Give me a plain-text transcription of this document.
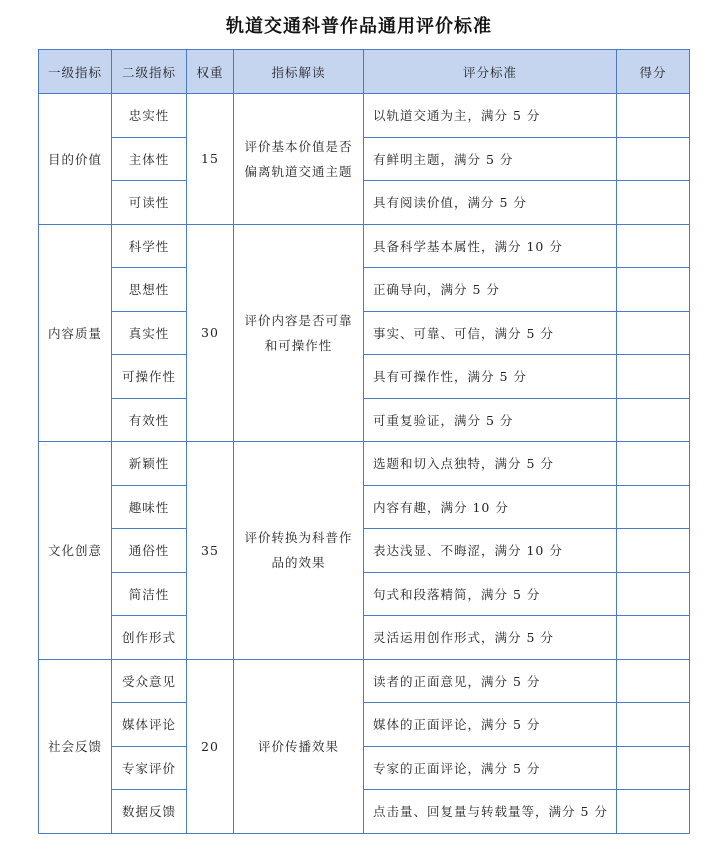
轨道交通科普作品通用评价标准
一级指标	二级指标	权重	指标解读	评分标准	得分
目的价值	忠实性	15	评价基本价值是否偏离轨道交通主题	以轨道交通为主，满分 5 分	
	主体性			有鲜明主题，满分 5 分	
	可读性			具有阅读价值，满分 5 分	
内容质量	科学性	30	评价内容是否可靠和可操作性	具备科学基本属性，满分 10 分	
	思想性			正确导向，满分 5 分	
	真实性			事实、可靠、可信，满分 5 分	
	可操作性			具有可操作性，满分 5 分	
	有效性			可重复验证，满分 5 分	
文化创意	新颖性	35	评价转换为科普作品的效果	选题和切入点独特，满分 5 分	
	趣味性			内容有趣，满分 10 分	
	通俗性			表达浅显、不晦涩，满分 10 分	
	简洁性			句式和段落精简，满分 5 分	
	创作形式			灵活运用创作形式，满分 5 分	
社会反馈	受众意见	20	评价传播效果	读者的正面意见，满分 5 分	
	媒体评论			媒体的正面评论，满分 5 分	
	专家评价			专家的正面评论，满分 5 分	
	数据反馈			点击量、回复量与转载量等，满分 5 分	
